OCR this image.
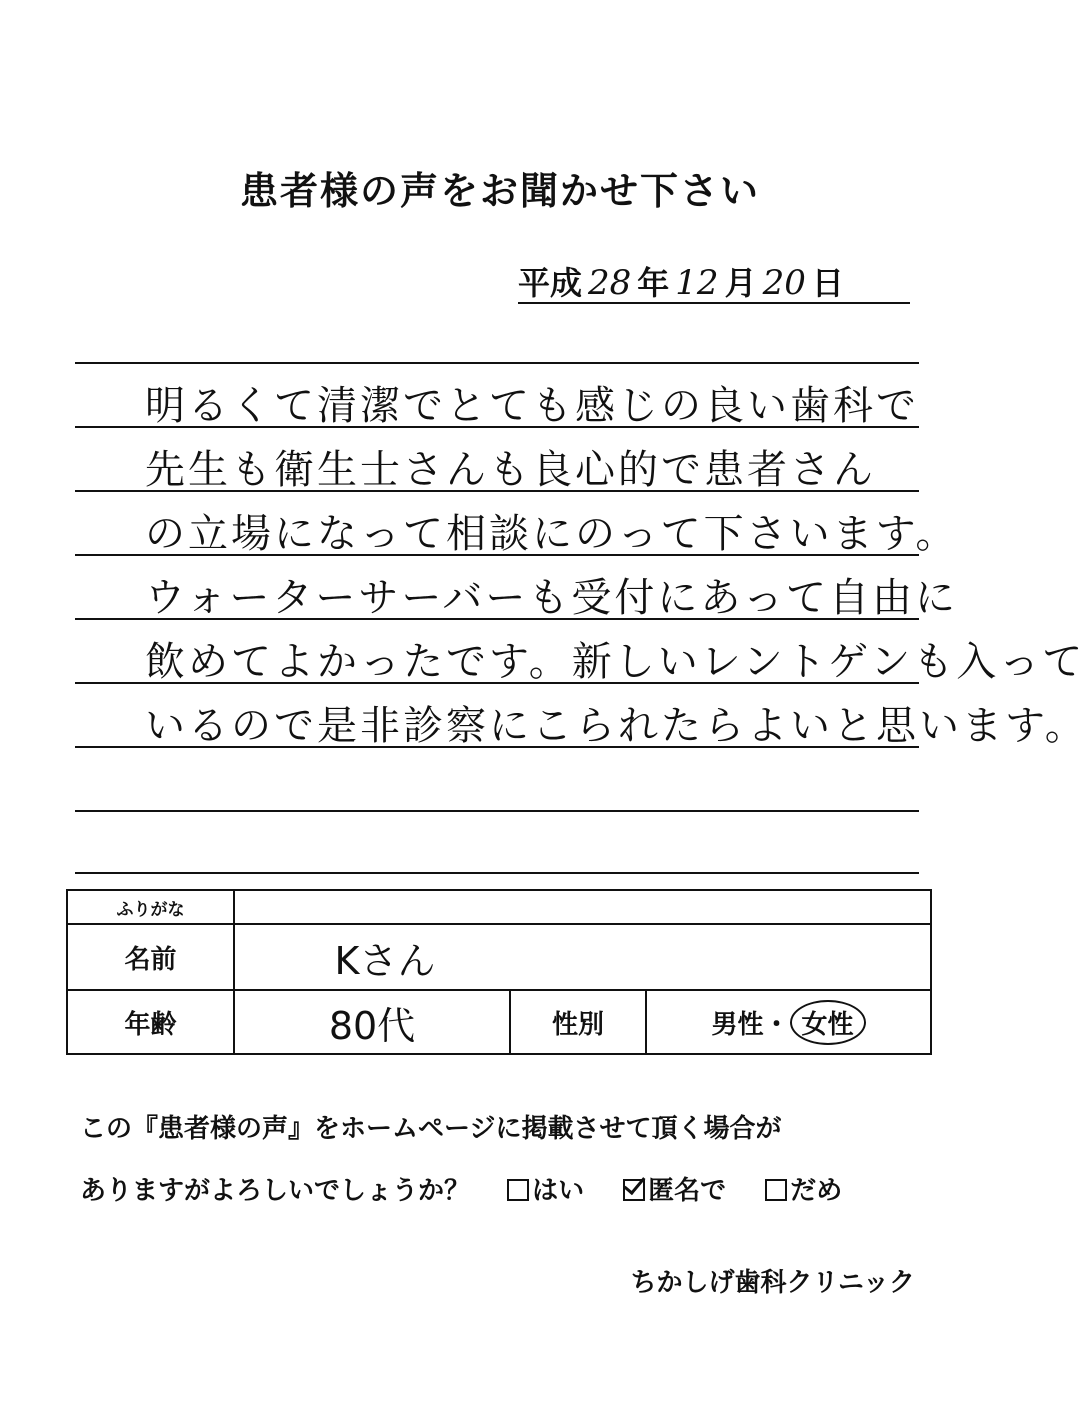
患者様の声をお聞かせ下さい
平成 28 年 12 月 20 日
明るくて清潔でとても感じの良い歯科で
先生も衛生士さんも良心的で患者さん
の立場になって相談にのって下さいます。
ウォーターサーバーも受付にあって自由に
飲めてよかったです。新しいレントゲンも入って
いるので是非診察にこられたらよいと思います。
ふりがな
名前	Kさん
年齢	80代	性別	男性 ・ 女性
この『患者様の声』をホームページに掲載させて頂く場合が
ありますがよろしいでしょうか？ はい 匿名で だめ
ちかしげ歯科クリニック
